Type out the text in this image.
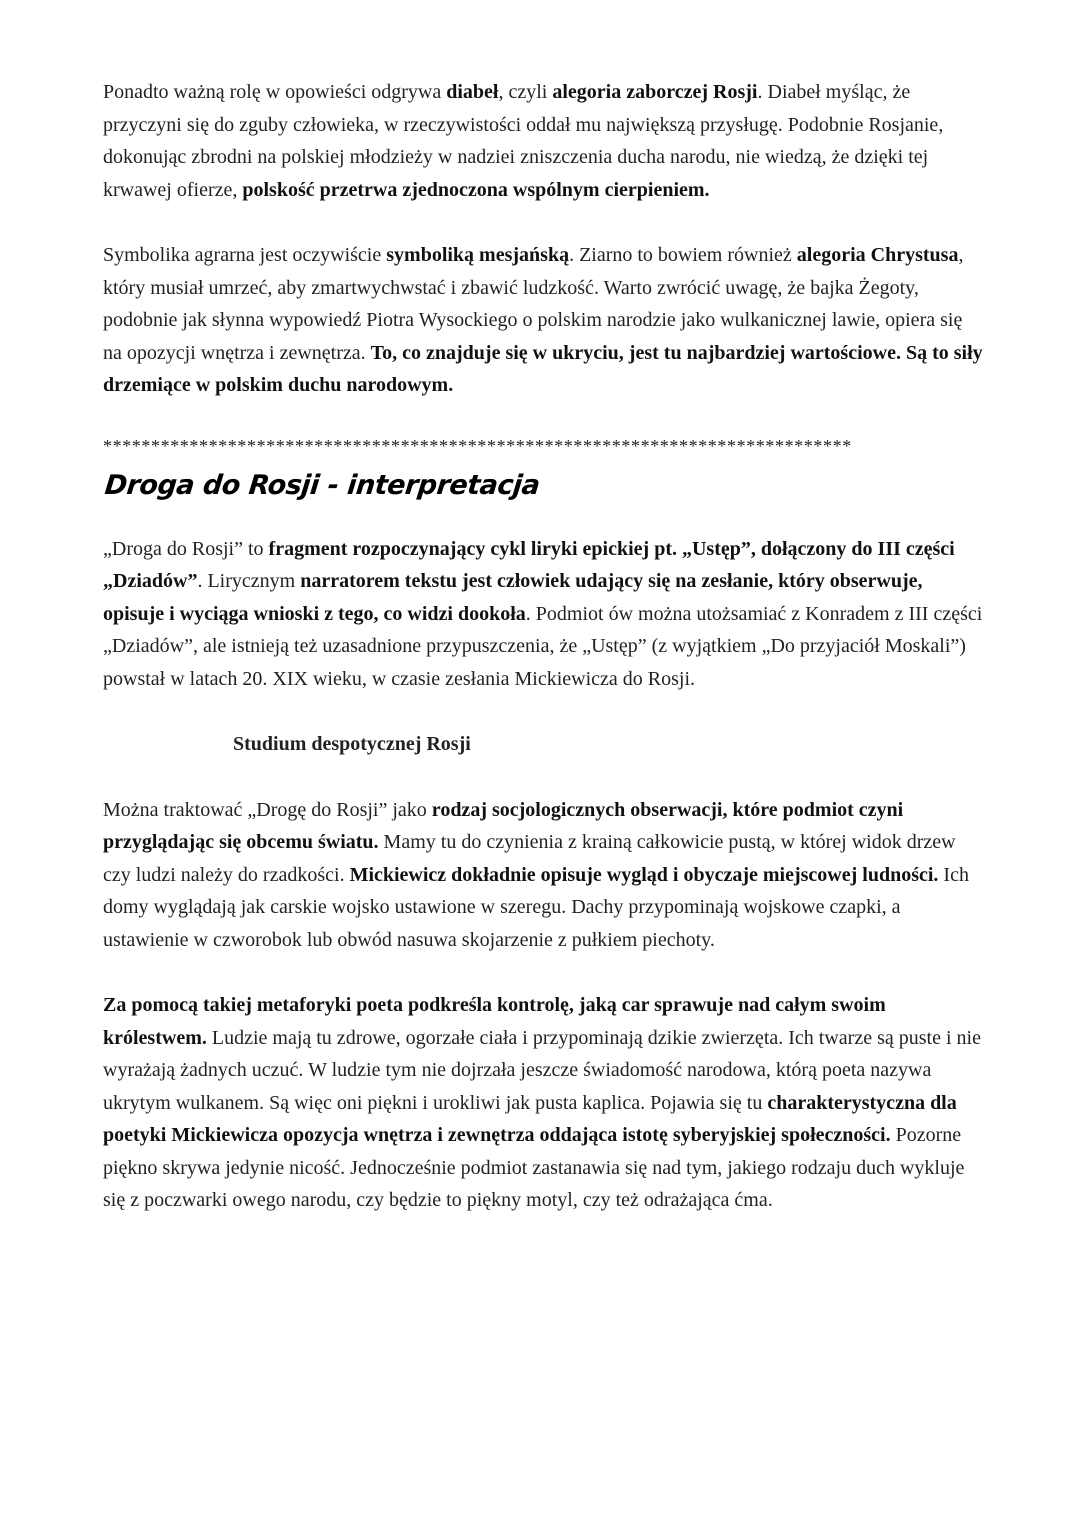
Ponadto ważną rolę w opowieści odgrywa diabeł, czyli alegoria zaborczej Rosji. Diabeł myśląc, że przyczyni się do zguby człowieka, w rzeczywistości oddał mu największą przysługę. Podobnie Rosjanie, dokonując zbrodni na polskiej młodzieży w nadziei zniszczenia ducha narodu, nie wiedzą, że dzięki tej krwawej ofierze, polskość przetrwa zjednoczona wspólnym cierpieniem.

Symbolika agrarna jest oczywiście symboliką mesjańską. Ziarno to bowiem również alegoria Chrystusa, który musiał umrzeć, aby zmartwychwstać i zbawić ludzkość. Warto zwrócić uwagę, że bajka Żegoty, podobnie jak słynna wypowiedź Piotra Wysockiego o polskim narodzie jako wulkanicznej lawie, opiera się na opozycji wnętrza i zewnętrza. To, co znajduje się w ukryciu, jest tu najbardziej wartościowe. Są to siły drzemiące w polskim duchu narodowym.

******************************************************************************
Droga do Rosji - interpretacja

„Droga do Rosji” to fragment rozpoczynający cykl liryki epickiej pt. „Ustęp”, dołączony do III części „Dziadów”. Lirycznym narratorem tekstu jest człowiek udający się na zesłanie, który obserwuje, opisuje i wyciąga wnioski z tego, co widzi dookoła. Podmiot ów można utożsamiać z Konradem z III części „Dziadów”, ale istnieją też uzasadnione przypuszczenia, że „Ustęp” (z wyjątkiem „Do przyjaciół Moskali”) powstał w latach 20. XIX wieku, w czasie zesłania Mickiewicza do Rosji.

Studium despotycznej Rosji

Można traktować „Drogę do Rosji” jako rodzaj socjologicznych obserwacji, które podmiot czyni przyglądając się obcemu światu. Mamy tu do czynienia z krainą całkowicie pustą, w której widok drzew czy ludzi należy do rzadkości. Mickiewicz dokładnie opisuje wygląd i obyczaje miejscowej ludności. Ich domy wyglądają jak carskie wojsko ustawione w szeregu. Dachy przypominają wojskowe czapki, a ustawienie w czworobok lub obwód nasuwa skojarzenie z pułkiem piechoty.

Za pomocą takiej metaforyki poeta podkreśla kontrolę, jaką car sprawuje nad całym swoim królestwem. Ludzie mają tu zdrowe, ogorzałe ciała i przypominają dzikie zwierzęta. Ich twarze są puste i nie wyrażają żadnych uczuć. W ludzie tym nie dojrzała jeszcze świadomość narodowa, którą poeta nazywa ukrytym wulkanem. Są więc oni piękni i urokliwi jak pusta kaplica. Pojawia się tu charakterystyczna dla poetyki Mickiewicza opozycja wnętrza i zewnętrza oddająca istotę syberyjskiej społeczności. Pozorne piękno skrywa jedynie nicość. Jednocześnie podmiot zastanawia się nad tym, jakiego rodzaju duch wykluje się z poczwarki owego narodu, czy będzie to piękny motyl, czy też odrażająca ćma.
